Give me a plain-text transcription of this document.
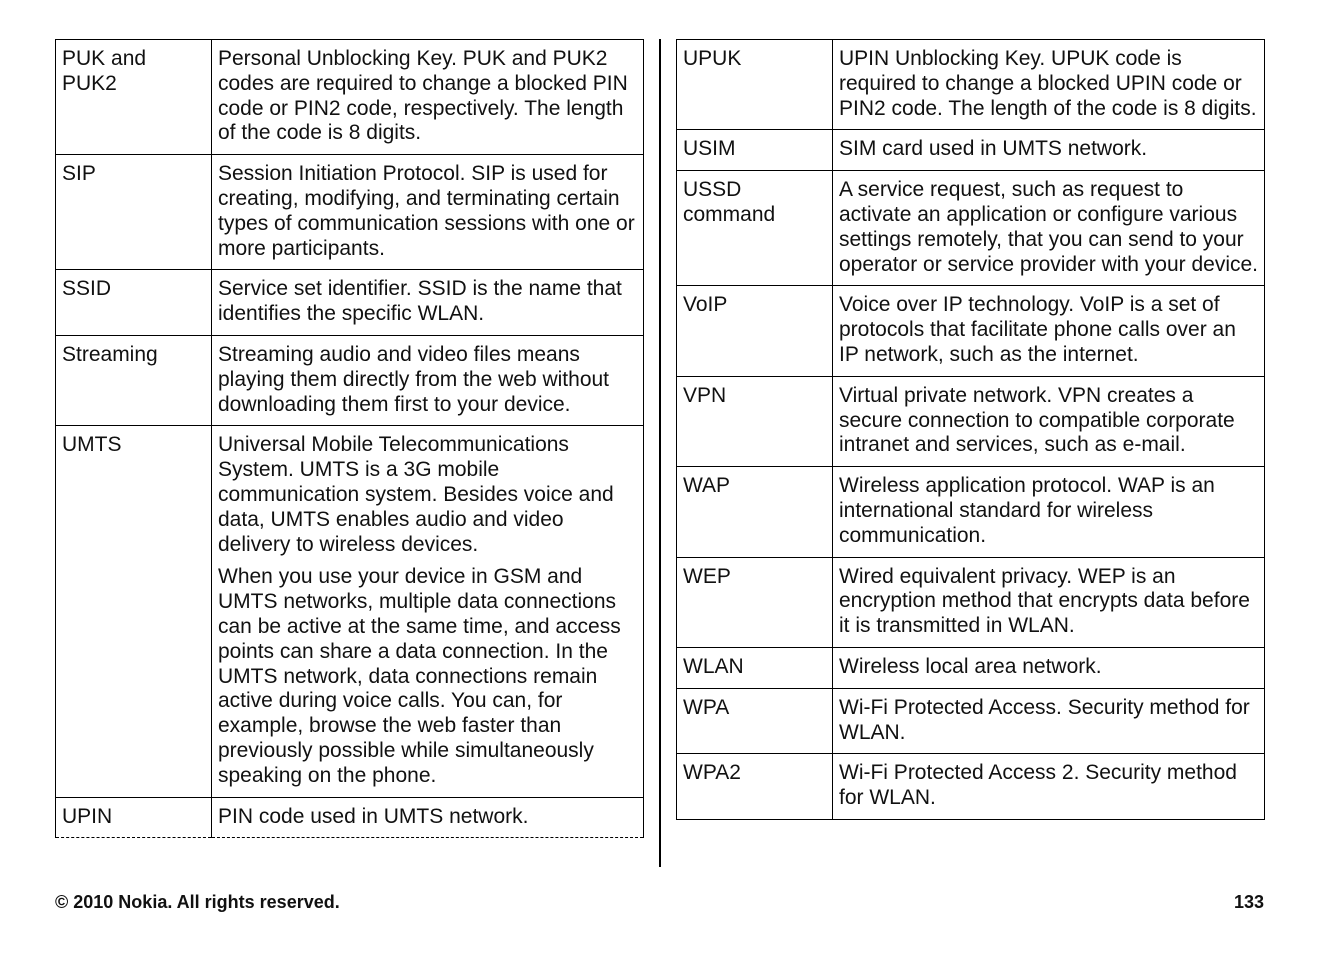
PUK and PUK2	Personal Unblocking Key. PUK and PUK2 codes are required to change a blocked PIN code or PIN2 code, respectively. The length of the code is 8 digits.

SIP	Session Initiation Protocol. SIP is used for creating, modifying, and terminating certain types of communication sessions with one or more participants.

SSID	Service set identifier. SSID is the name that identifies the specific WLAN.

Streaming	Streaming audio and video files means playing them directly from the web without downloading them first to your device.

UMTS	Universal Mobile Telecommunications System. UMTS is a 3G mobile communication system. Besides voice and data, UMTS enables audio and video delivery to wireless devices.

When you use your device in GSM and UMTS networks, multiple data connections can be active at the same time, and access points can share a data connection. In the UMTS network, data connections remain active during voice calls. You can, for example, browse the web faster than previously possible while simultaneously speaking on the phone.

UPIN	PIN code used in UMTS network.

UPUK	UPIN Unblocking Key. UPUK code is required to change a blocked UPIN code or PIN2 code. The length of the code is 8 digits.

USIM	SIM card used in UMTS network.

USSD command	A service request, such as request to activate an application or configure various settings remotely, that you can send to your operator or service provider with your device.

VoIP	Voice over IP technology. VoIP is a set of protocols that facilitate phone calls over an IP network, such as the internet.

VPN	Virtual private network. VPN creates a secure connection to compatible corporate intranet and services, such as e-mail.

WAP	Wireless application protocol. WAP is an international standard for wireless communication.

WEP	Wired equivalent privacy. WEP is an encryption method that encrypts data before it is transmitted in WLAN.

WLAN	Wireless local area network.

WPA	Wi-Fi Protected Access. Security method for WLAN.

WPA2	Wi-Fi Protected Access 2. Security method for WLAN.

© 2010 Nokia. All rights reserved.	133
